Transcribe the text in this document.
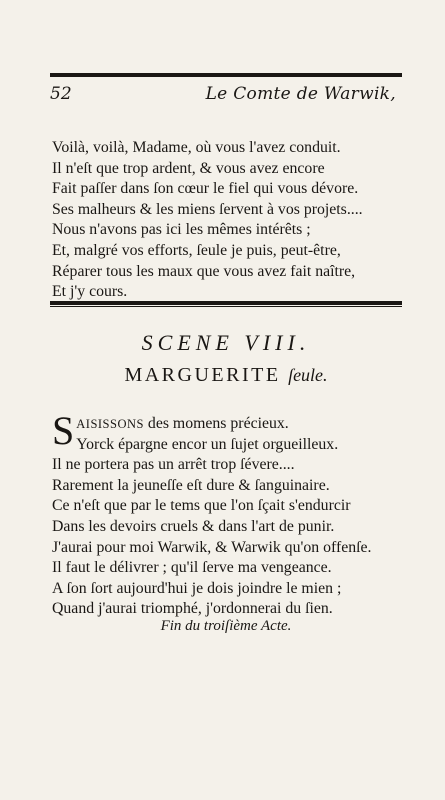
52	Le Comte de Warwik,
Voilà, voilà, Madame, où vous l'avez conduit.
Il n'eſt que trop ardent, & vous avez encore
Fait paſſer dans ſon cœur le fiel qui vous dévore.
Ses malheurs & les miens ſervent à vos projets....
Nous n'avons pas ici les mêmes intérêts ;
Et, malgré vos efforts, ſeule je puis, peut-être,
Réparer tous les maux que vous avez fait naître,
Et j'y cours.
SCENE VIII.
MARGUERITE ſeule.
S AISISSONS des momens précieux.
Yorck épargne encor un ſujet orgueilleux.
Il ne portera pas un arrêt trop ſévere....
Rarement la jeuneſſe eſt dure & ſanguinaire.
Ce n'eſt que par le tems que l'on ſçait s'endurcir
Dans les devoirs cruels & dans l'art de punir.
J'aurai pour moi Warwik, & Warwik qu'on offenſe.
Il faut le délivrer ; qu'il ſerve ma vengeance.
A ſon ſort aujourd'hui je dois joindre le mien ;
Quand j'aurai triomphé, j'ordonnerai du ſien.
Fin du troiſième Acte.
